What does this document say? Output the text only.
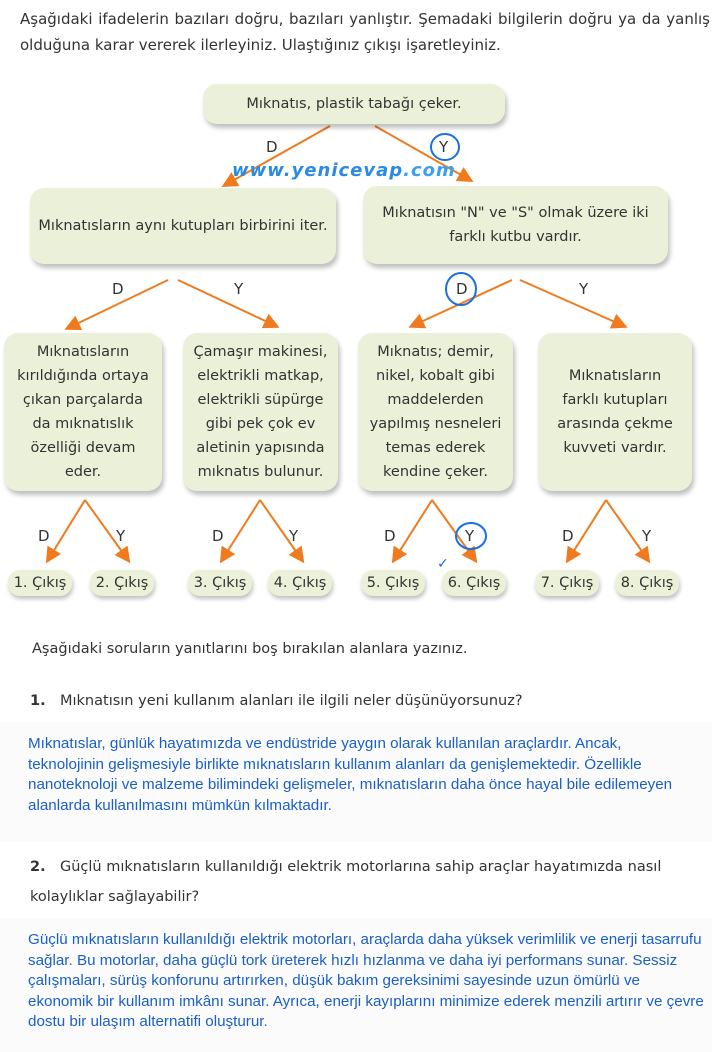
Aşağıdaki ifadelerin bazıları doğru, bazıları yanlıştır. Şemadaki bilgilerin doğru ya da yanlış olduğuna karar vererek ilerleyiniz. Ulaştığınız çıkışı işaretleyiniz.
www.yenicevap.com
Mıknatıs, plastik tabağı çeker.
D	Y
Mıknatısların aynı kutupları birbirini iter.
Mıknatısın "N" ve "S" olmak üzere iki farklı kutbu vardır.
D	Y	D	Y
Mıknatısların kırıldığında ortaya çıkan parçalarda da mıknatıslık özelliği devam eder.
Çamaşır makinesi, elektrikli matkap, elektrikli süpürge gibi pek çok ev aletinin yapısında mıknatıs bulunur.
Mıknatıs; demir, nikel, kobalt gibi maddelerden yapılmış nesneleri temas ederek kendine çeker.
Mıknatısların farklı kutupları arasında çekme kuvveti vardır.
D	Y	D	Y	D	Y	D	Y
✓
1. Çıkış	2. Çıkış	3. Çıkış	4. Çıkış	5. Çıkış	6. Çıkış	7. Çıkış	8. Çıkış
Aşağıdaki soruların yanıtlarını boş bırakılan alanlara yazınız.
1. Mıknatısın yeni kullanım alanları ile ilgili neler düşünüyorsunuz?
Mıknatıslar, günlük hayatımızda ve endüstride yaygın olarak kullanılan araçlardır. Ancak, teknolojinin gelişmesiyle birlikte mıknatısların kullanım alanları da genişlemektedir. Özellikle nanoteknoloji ve malzeme bilimindeki gelişmeler, mıknatısların daha önce hayal bile edilemeyen alanlarda kullanılmasını mümkün kılmaktadır.
2. Güçlü mıknatısların kullanıldığı elektrik motorlarına sahip araçlar hayatımızda nasıl kolaylıklar sağlayabilir?
Güçlü mıknatısların kullanıldığı elektrik motorları, araçlarda daha yüksek verimlilik ve enerji tasarrufu sağlar. Bu motorlar, daha güçlü tork üreterek hızlı hızlanma ve daha iyi performans sunar. Sessiz çalışmaları, sürüş konforunu artırırken, düşük bakım gereksinimi sayesinde uzun ömürlü ve ekonomik bir kullanım imkânı sunar. Ayrıca, enerji kayıplarını minimize ederek menzili artırır ve çevre dostu bir ulaşım alternatifi oluşturur.
